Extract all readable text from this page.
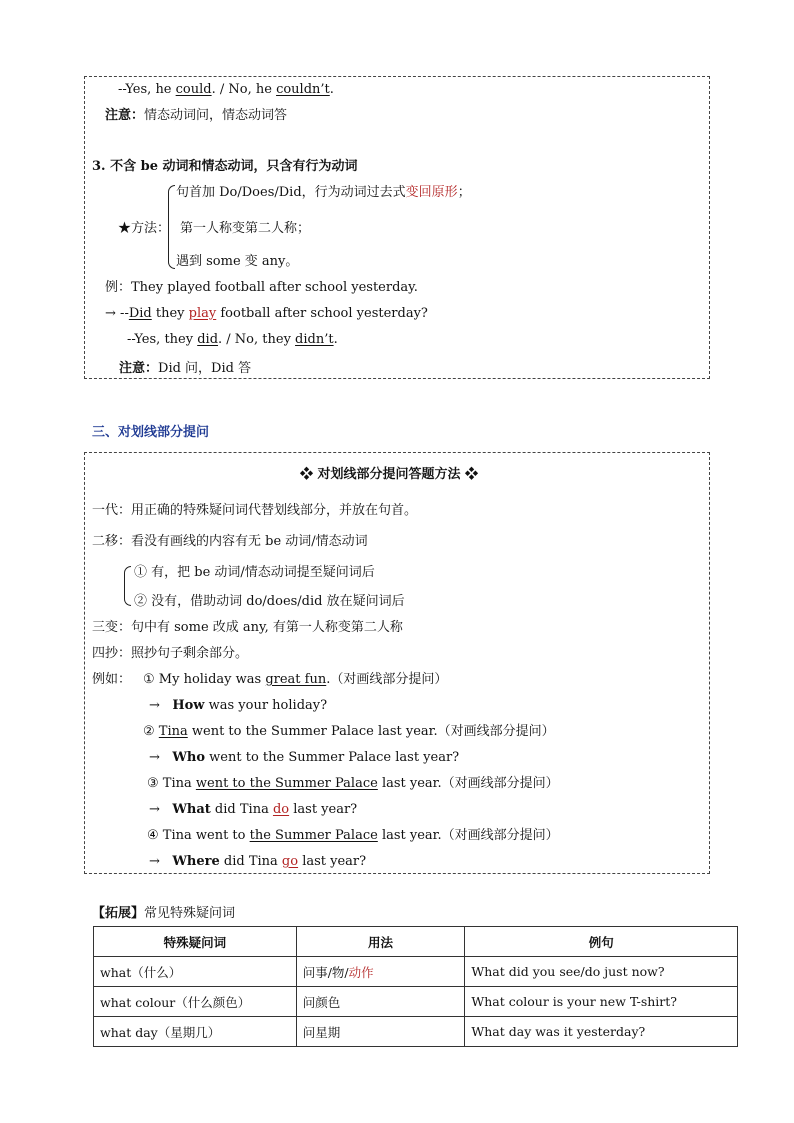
--Yes, he could. / No, he couldn’t.
注意：情态动词问，情态动词答
3. 不含 be 动词和情态动词，只含有行为动词
★方法：
句首加 Do/Does/Did，行为动词过去式变回原形；
第一人称变第二人称；
遇到 some 变 any。
例：They played football after school yesterday.
→ --Did they play football after school yesterday?
--Yes, they did. / No, they didn’t.
注意：Did 问，Did 答
三、对划线部分提问
❖ 对划线部分提问答题方法 ❖
一代：用正确的特殊疑问词代替划线部分，并放在句首。
二移：看没有画线的内容有无 be 动词/情态动词
① 有，把 be 动词/情态动词提至疑问词后
② 没有，借助动词 do/does/did 放在疑问词后
三变：句中有 some 改成 any, 有第一人称变第二人称
四抄：照抄句子剩余部分。
例如： ① My holiday was great fun.（对画线部分提问）
→ How was your holiday?
② Tina went to the Summer Palace last year.（对画线部分提问）
→ Who went to the Summer Palace last year?
③ Tina went to the Summer Palace last year.（对画线部分提问）
→ What did Tina do last year?
④ Tina went to the Summer Palace last year.（对画线部分提问）
→ Where did Tina go last year?
【拓展】常见特殊疑问词
特殊疑问词	用法	例句
what（什么）	问事/物/动作	What did you see/do just now?
what colour（什么颜色）	问颜色	What colour is your new T-shirt?
what day（星期几）	问星期	What day was it yesterday?
